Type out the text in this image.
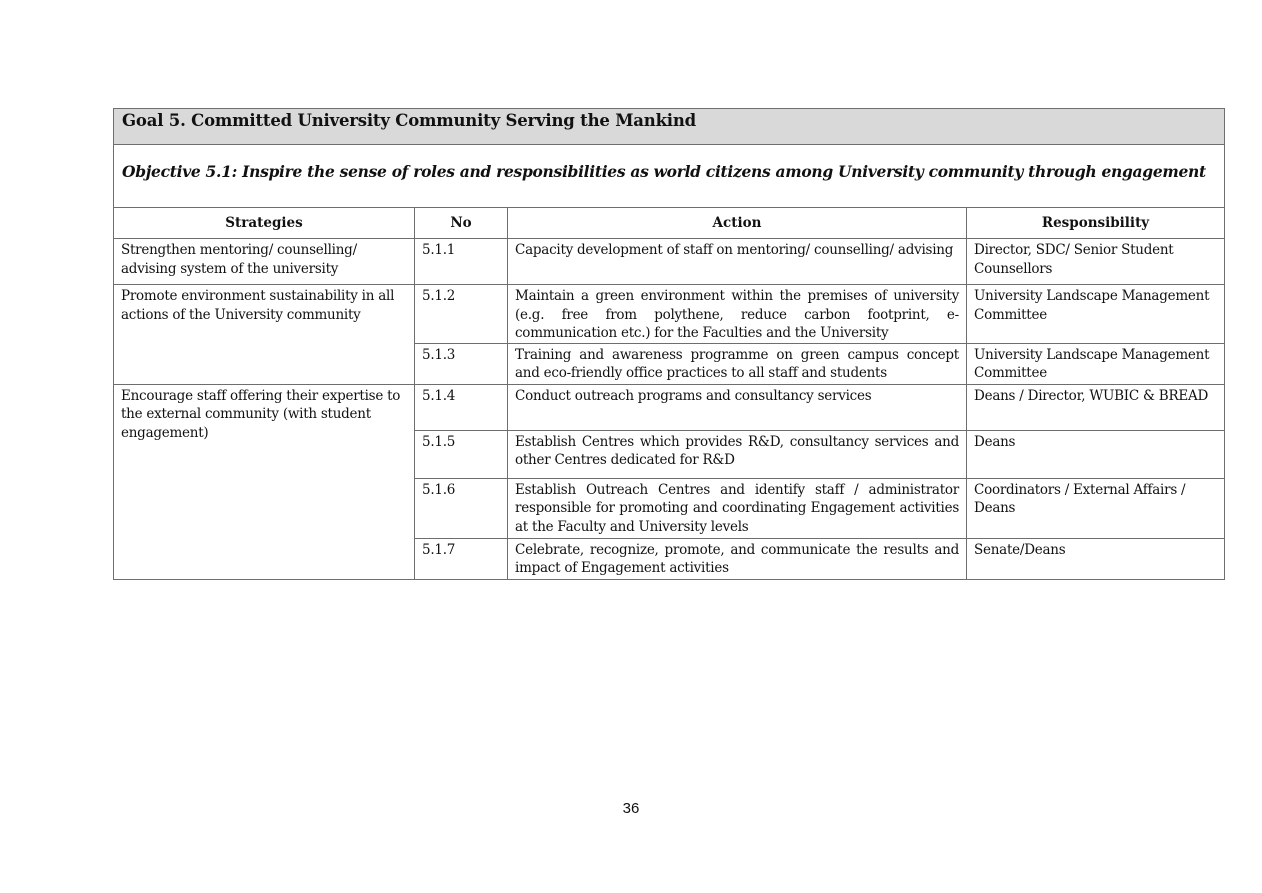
Goal 5. Committed University Community Serving the Mankind			
Objective 5.1: Inspire the sense of roles and responsibilities as world citizens among University community through engagement			
Strategies	No	Action	Responsibility
Strengthen mentoring/ counselling/ advising system of the university	5.1.1	Capacity development of staff on mentoring/ counselling/ advising	Director, SDC/ Senior Student Counsellors
Promote environment sustainability in all actions of the University community	5.1.2	Maintain a green environment within the premises of university (e.g. free from polythene, reduce carbon footprint, e-communication etc.) for the Faculties and the University	University Landscape Management Committee
	5.1.3	Training and awareness programme on green campus concept and eco-friendly office practices to all staff and students	University Landscape Management Committee
Encourage staff offering their expertise to the external community (with student engagement)	5.1.4	Conduct outreach programs and consultancy services	Deans / Director, WUBIC & BREAD
	5.1.5	Establish Centres which provides R&D, consultancy services and other Centres dedicated for R&D	Deans
	5.1.6	Establish Outreach Centres and identify staff / administrator responsible for promoting and coordinating Engagement activities at the Faculty and University levels	Coordinators / External Affairs / Deans
	5.1.7	Celebrate, recognize, promote, and communicate the results and impact of Engagement activities	Senate/Deans
36
